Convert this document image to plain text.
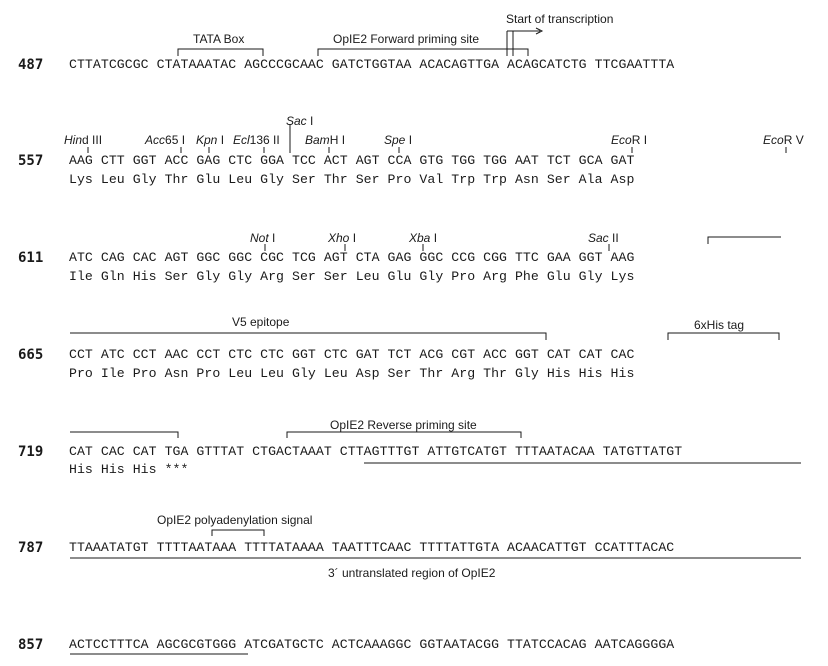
TATA Box	OpIE2 Forward priming site
Start of transcription
487 CTTATCGCGC CTATAAATAC AGCCCGCAAC GATCTGGTAA ACACAGTTGA ACAGCATCTG TTCGAATTTA
Sac I
Hind III	Acc65 I Kpn I Ecl136 II BamH I	Spe I	EcoR I	EcoR V
557 AAG CTT GGT ACC GAG CTC GGA TCC ACT AGT CCA GTG TGG TGG AAT TCT GCA GAT
Lys Leu Gly Thr Glu Leu Gly Ser Thr Ser Pro Val Trp Trp Asn Ser Ala Asp
Not I	Xho I	Xba I	Sac II
611 ATC CAG CAC AGT GGC GGC CGC TCG AGT CTA GAG GGC CCG CGG TTC GAA GGT AAG
Ile Gln His Ser Gly Gly Arg Ser Ser Leu Glu Gly Pro Arg Phe Glu Gly Lys
V5 epitope	6xHis tag
665 CCT ATC CCT AAC CCT CTC CTC GGT CTC GAT TCT ACG CGT ACC GGT CAT CAT CAC
Pro Ile Pro Asn Pro Leu Leu Gly Leu Asp Ser Thr Arg Thr Gly His His His
OpIE2 Reverse priming site
719 CAT CAC CAT TGA GTTTAT CTGACTAAAT CTTAGTTTGT ATTGTCATGT TTTAATACAA TATGTTATGT
His His His ***
OpIE2 polyadenylation signal
787 TTAAATATGT TTTTAATAAA TTTTATAAAA TAATTTCAAC TTTTATTGTA ACAACATTGT CCATTTACAC
3´ untranslated region of OpIE2
857 ACTCCTTTCA AGCGCGTGGG ATCGATGCTC ACTCAAAGGC GGTAATACGG TTATCCACAG AATCAGGGGA
